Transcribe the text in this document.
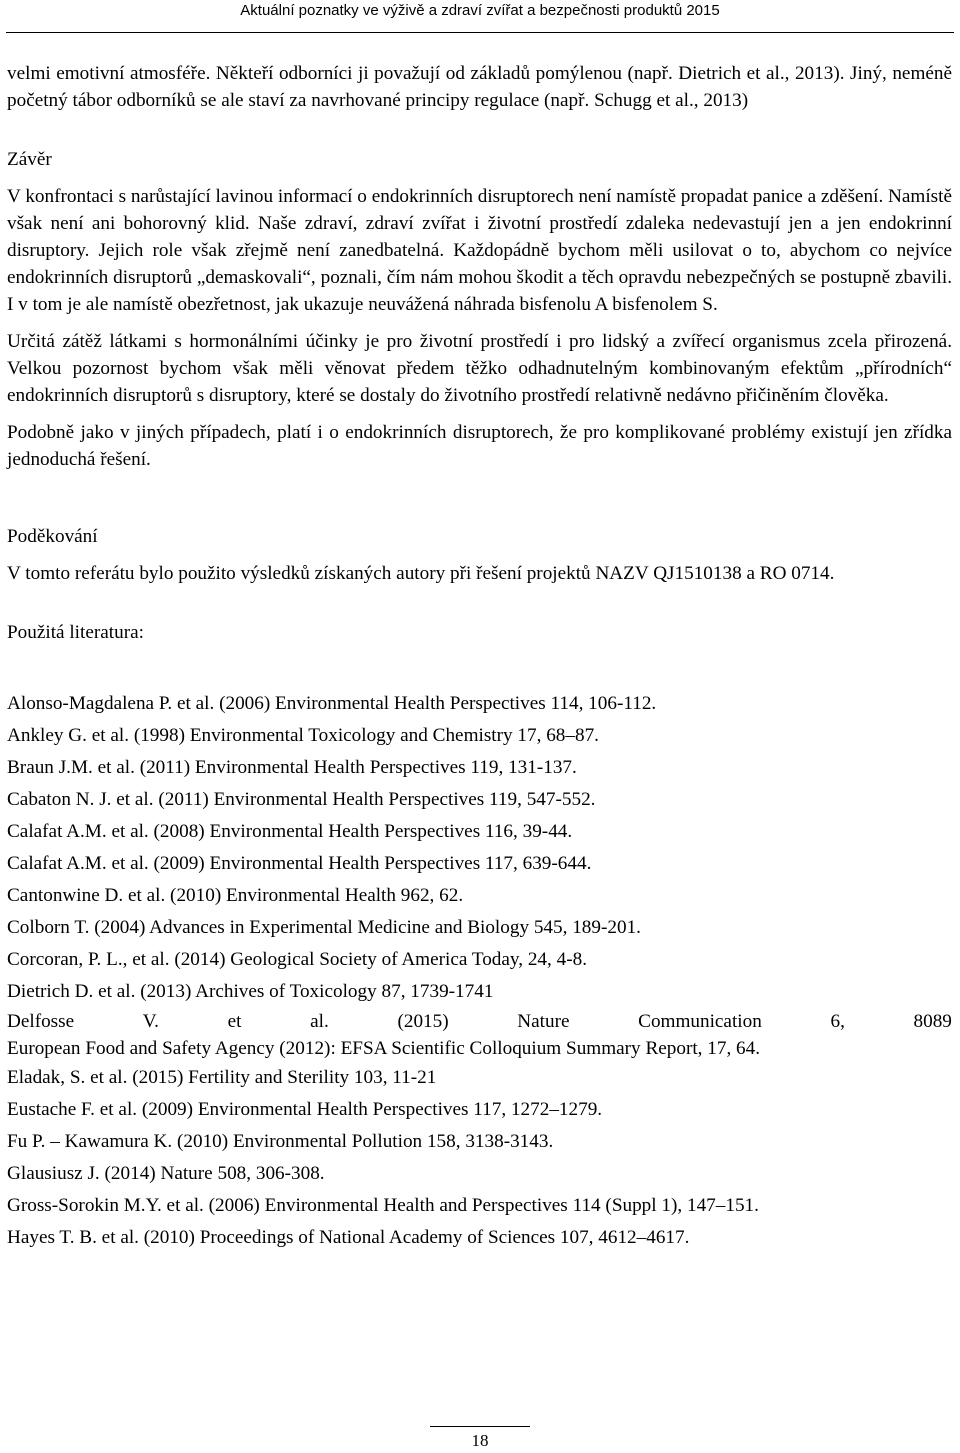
Aktuální poznatky ve výživě a zdraví zvířat a bezpečnosti produktů 2015

velmi emotivní atmosféře. Někteří odborníci ji považují od základů pomýlenou (např. Dietrich et al., 2013). Jiný, neméně početný tábor odborníků se ale staví za navrhované principy regulace (např. Schugg et al., 2013)

Závěr

V konfrontaci s narůstající lavinou informací o endokrinních disruptorech není namístě propadat panice a zděšení. Namístě však není ani bohorovný klid. Naše zdraví, zdraví zvířat i životní prostředí zdaleka nedevastují jen a jen endokrinní disruptory. Jejich role však zřejmě není zanedbatelná. Každopádně bychom měli usilovat o to, abychom co nejvíce endokrinních disruptorů „demaskovali“, poznali, čím nám mohou škodit a těch opravdu nebezpečných se postupně zbavili. I v tom je ale namístě obezřetnost, jak ukazuje neuvážená náhrada bisfenolu A bisfenolem S.

Určitá zátěž látkami s hormonálními účinky je pro životní prostředí i pro lidský a zvířecí organismus zcela přirozená. Velkou pozornost bychom však měli věnovat předem těžko odhadnutelným kombinovaným efektům „přírodních“ endokrinních disruptorů s disruptory, které se dostaly do životního prostředí relativně nedávno přičiněním člověka.

Podobně jako v jiných případech, platí i o endokrinních disruptorech, že pro komplikované problémy existují jen zřídka jednoduchá řešení.

Poděkování

V tomto referátu bylo použito výsledků získaných autory při řešení projektů NAZV QJ1510138 a RO 0714.

Použitá literatura:
Alonso-Magdalena P. et al. (2006) Environmental Health Perspectives 114, 106-112.
Ankley G. et al. (1998) Environmental Toxicology and Chemistry 17, 68–87.
Braun J.M. et al. (2011) Environmental Health Perspectives 119, 131-137.
Cabaton N. J. et al. (2011) Environmental Health Perspectives 119, 547-552.
Calafat A.M. et al. (2008) Environmental Health Perspectives 116, 39-44.
Calafat A.M. et al. (2009) Environmental Health Perspectives 117, 639-644.
Cantonwine D. et al. (2010) Environmental Health 962, 62.
Colborn T. (2004) Advances in Experimental Medicine and Biology 545, 189-201.
Corcoran, P. L., et al. (2014) Geological Society of America Today, 24, 4-8.
Dietrich D. et al. (2013) Archives of Toxicology 87, 1739-1741
Delfosse	V.	et	al.	(2015)	Nature	Communication	6,	8089
European Food and Safety Agency (2012): EFSA Scientific Colloquium Summary Report, 17, 64.
Eladak, S. et al. (2015) Fertility and Sterility 103, 11-21
Eustache F. et al. (2009) Environmental Health Perspectives 117, 1272–1279.
Fu P. – Kawamura K. (2010) Environmental Pollution 158, 3138-3143.
Glausiusz J. (2014) Nature 508, 306-308.
Gross-Sorokin M.Y. et al. (2006) Environmental Health and Perspectives 114 (Suppl 1), 147–151.
Hayes T. B. et al. (2010) Proceedings of National Academy of Sciences 107, 4612–4617.
18
